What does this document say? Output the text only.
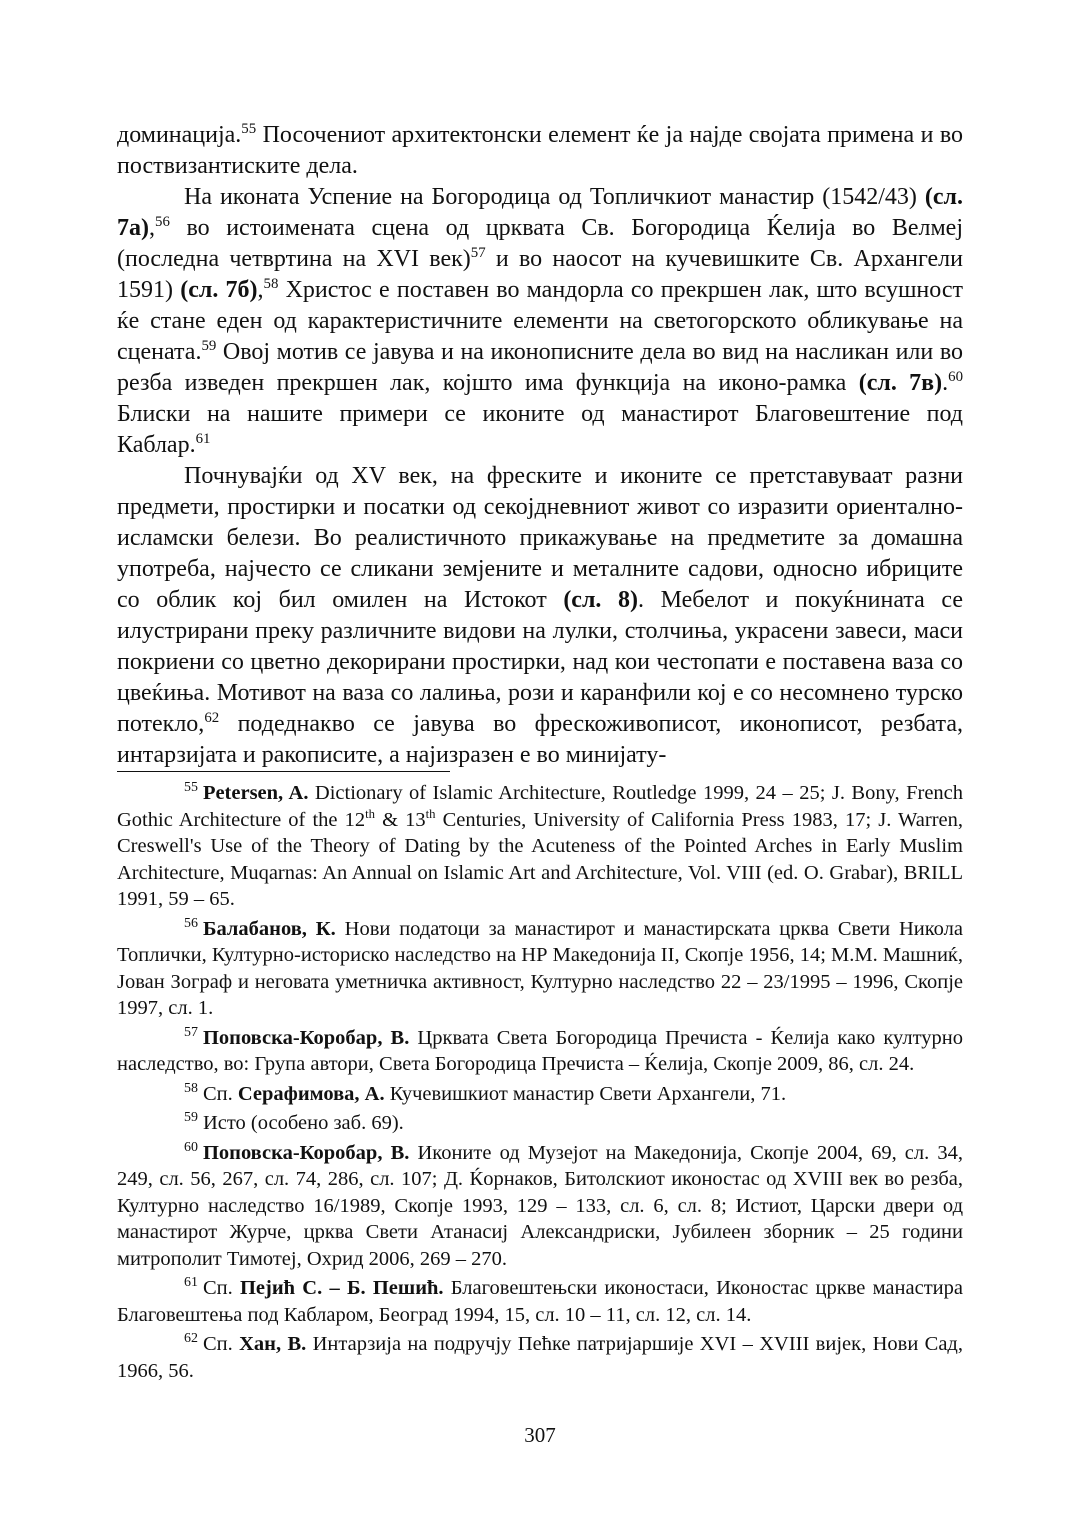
доминација.$^{55}$ Посочениот архитектонски елемент ќе ја најде својата примена и во поствизантиските дела.

На иконата Успение на Богородица од Топличкиот манастир (1542/43) (сл. 7а),$^{56}$ во истоимената сцена од црквата Св. Богородица Ќелија во Велмеј (последна четвртина на XVI век)$^{57}$ и во наосот на кучевишките Св. Архангели 1591) (сл. 7б),$^{58}$ Христос е поставен во мандорла со прекршен лак, што всушност ќе стане еден од карактеристичните елементи на светогорското обликување на сцената.$^{59}$ Овој мотив се јавува и на иконописните дела во вид на насликан или во резба изведен прекршен лак, којшто има функција на иконо-рамка (сл. 7в).$^{60}$ Блиски на нашите примери се иконите од манастирот Благовештение под Каблар.$^{61}$

Почнувајќи од XV век, на фреските и иконите се претставуваат разни предмети, простирки и посатки од секојдневниот живот со изразити ориентално-исламски белези. Во реалистичното прикажување на предметите за домашна употреба, најчесто се сликани земјените и металните садови, односно ибриците со облик кој бил омилен на Истокот (сл. 8). Мебелот и покуќнината се илустрирани преку различните видови на лулки, столчиња, украсени завеси, маси покриени со цветно декорирани простирки, над кои честопати е поставена ваза со цвеќиња. Мотивот на ваза со лалиња, рози и каранфили кој е со несомнено турско потекло,$^{62}$ подеднакво се јавува во фрескоживописот, иконописот, резбата, интарзијата и ракописите, а најизразен е во минијату-

$^{55}$ Petersen, A. Dictionary of Islamic Architecture, Routledge 1999, 24 – 25; J. Bony, French Gothic Architecture of the 12th & 13th Centuries, University of California Press 1983, 17; J. Warren, Creswell's Use of the Theory of Dating by the Acuteness of the Pointed Arches in Early Muslim Architecture, Muqarnas: An Annual on Islamic Art and Architecture, Vol. VIII (ed. O. Grabar), BRILL 1991, 59 – 65.

$^{56}$ Балабанов, К. Нови податоци за манастирот и манастирската црква Свети Никола Топлички, Културно-историско наследство на НР Македонија II, Скопје 1956, 14; М.М. Машниќ, Јован Зограф и неговата уметничка активност, Културно наследство 22 – 23/1995 – 1996, Скопје 1997, сл. 1.

$^{57}$ Поповска-Коробар, В. Црквата Света Богородица Пречиста - Ќелија како културно наследство, во: Група автори, Света Богородица Пречиста – Ќелија, Скопје 2009, 86, сл. 24.

$^{58}$ Сп. Серафимова, А. Кучевишкиот манастир Свети Архангели, 71.

$^{59}$ Исто (особено заб. 69).

$^{60}$ Поповска-Коробар, В. Иконите од Музејот на Македонија, Скопје 2004, 69, сл. 34, 249, сл. 56, 267, сл. 74, 286, сл. 107; Д. Ќорнаков, Битолскиот иконостас од XVIII век во резба, Културно наследство 16/1989, Скопје 1993, 129 – 133, сл. 6, сл. 8; Истиот, Царски двери од манастирот Журче, црква Свети Атанасиј Александриски, Јубилеен зборник – 25 години митрополит Тимотеј, Охрид 2006, 269 – 270.

$^{61}$ Сп. Пејић С. – Б. Пешић. Благовештењски иконостаси, Иконостас цркве манастира Благовештења под Кабларом, Београд 1994, 15, сл. 10 – 11, сл. 12, сл. 14.

$^{62}$ Сп. Хан, В. Интарзија на подручју Пећке патријаршије XVI – XVIII вијек, Нови Сад, 1966, 56.

307
